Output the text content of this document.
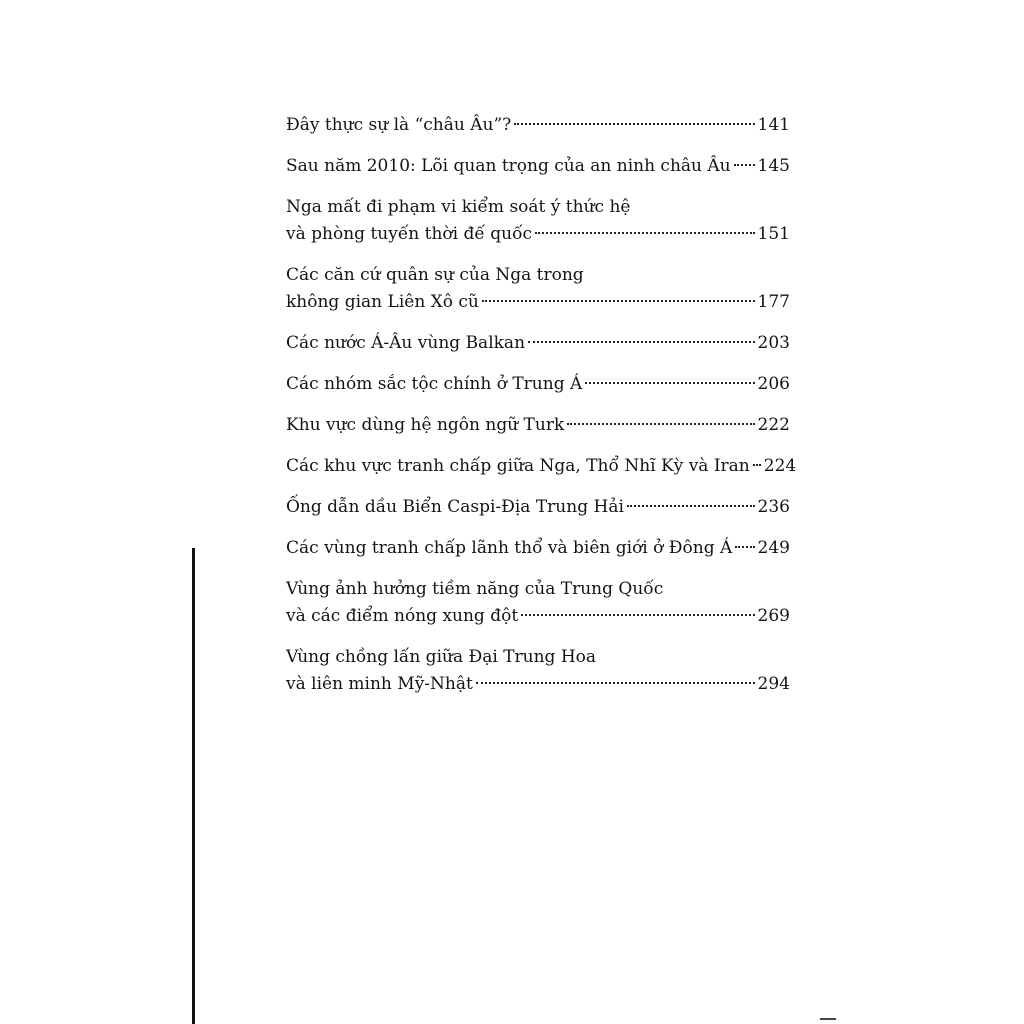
Đây thực sự là “châu Âu”?	141
Sau năm 2010: Lõi quan trọng của an ninh châu Âu 145
Nga mất đi phạm vi kiểm soát ý thức hệ
và phòng tuyến thời đế quốc	151
Các căn cứ quân sự của Nga trong
không gian Liên Xô cũ	177
Các nước Á-Âu vùng Balkan	203
Các nhóm sắc tộc chính ở Trung Á	206
Khu vực dùng hệ ngôn ngữ Turk	222
Các khu vực tranh chấp giữa Nga, Thổ Nhĩ Kỳ và Iran 224
Ống dẫn dầu Biển Caspi-Địa Trung Hải	236
Các vùng tranh chấp lãnh thổ và biên giới ở Đông Á 249
Vùng ảnh hưởng tiềm năng của Trung Quốc
và các điểm nóng xung đột	269
Vùng chồng lấn giữa Đại Trung Hoa
và liên minh Mỹ-Nhật	294
